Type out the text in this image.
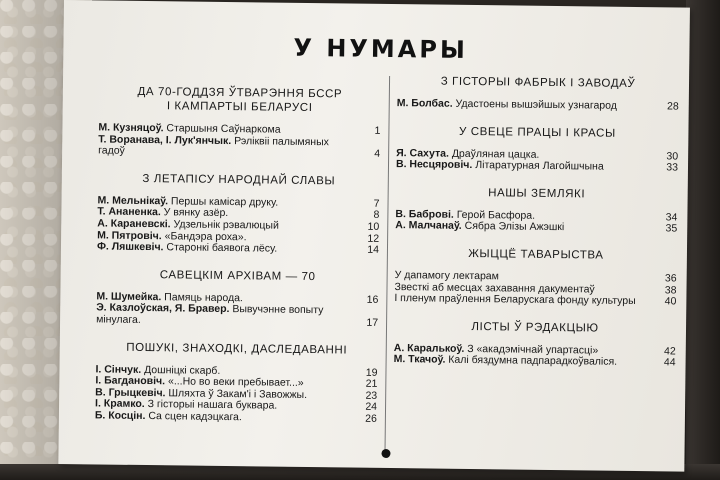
У НУМАРЫ
ДА 70-ГОДДЗЯ ЎТВАРЭННЯ БССР
І КАМПАРТЫІ БЕЛАРУСІ
М. Кузняцоў. Старшыня Саўнаркома	1
Т. Воранава, І. Лук'янчык. Рэліквіі палымяных гадоў	4
З ЛЕТАПІСУ НАРОДНАЙ СЛАВЫ
М. Мельнікаў. Першы камісар дpуку.	7
Т. Ананенка. У вянку азёр.	8
А. Караневскі. Удзельнік рэвалюцый	10
М. Пятровіч. «Бандэра роха».	12
Ф. Ляшкевіч. Старонкі баявога лёсу.	14
САВЕЦКІМ АРХІВАМ — 70
М. Шумейка. Памяць народа.	16
Э. Казлоўская, Я. Бравер. Вывучэнне вопыту мінулага.	17
ПОШУКІ, ЗНАХОДКІ, ДАСЛЕДАВАННІ
І. Сінчук. Дошніцкі скарб.	19
І. Багдановіч. «...Но во веки пребывает...»	21
В. Грыцкевіч. Шляхта ў Закам'і і Завожжы.	23
І. Крамко. З гісторыі нашага буквара.	24
Б. Косцін. Са сцен кадэцкага.	26
З ГІСТОРЫІ ФАБРЫК І ЗАВОДАЎ
М. Болбас. Удастоены вышэйшых узнагарод	28
У СВЕЦЕ ПРАЦЫ І КРАСЫ
Я. Сахута. Драўляная цацка.	30
В. Несцяровіч. Літаратурная Лагойшчына	33
НАШЫ ЗЕМЛЯКІ
В. Баброві. Герой Басфора.	34
А. Малчанаў. Сябра Элізы Ажэшкі	35
ЖЫЦЦЁ ТАВАРЫСТВА
У дапамогу лектарам	36
Звесткі аб месцах захавання дакументаў	38
I пленум праўлення Беларускага фонду культуры	40
ЛІСТЫ Ў РЭДАКЦЫЮ
А. Каралькоў. З «акадэмічнай упартасці»	42
М. Ткачоў. Калі бяздумна падпарадкоўваліся.	44
